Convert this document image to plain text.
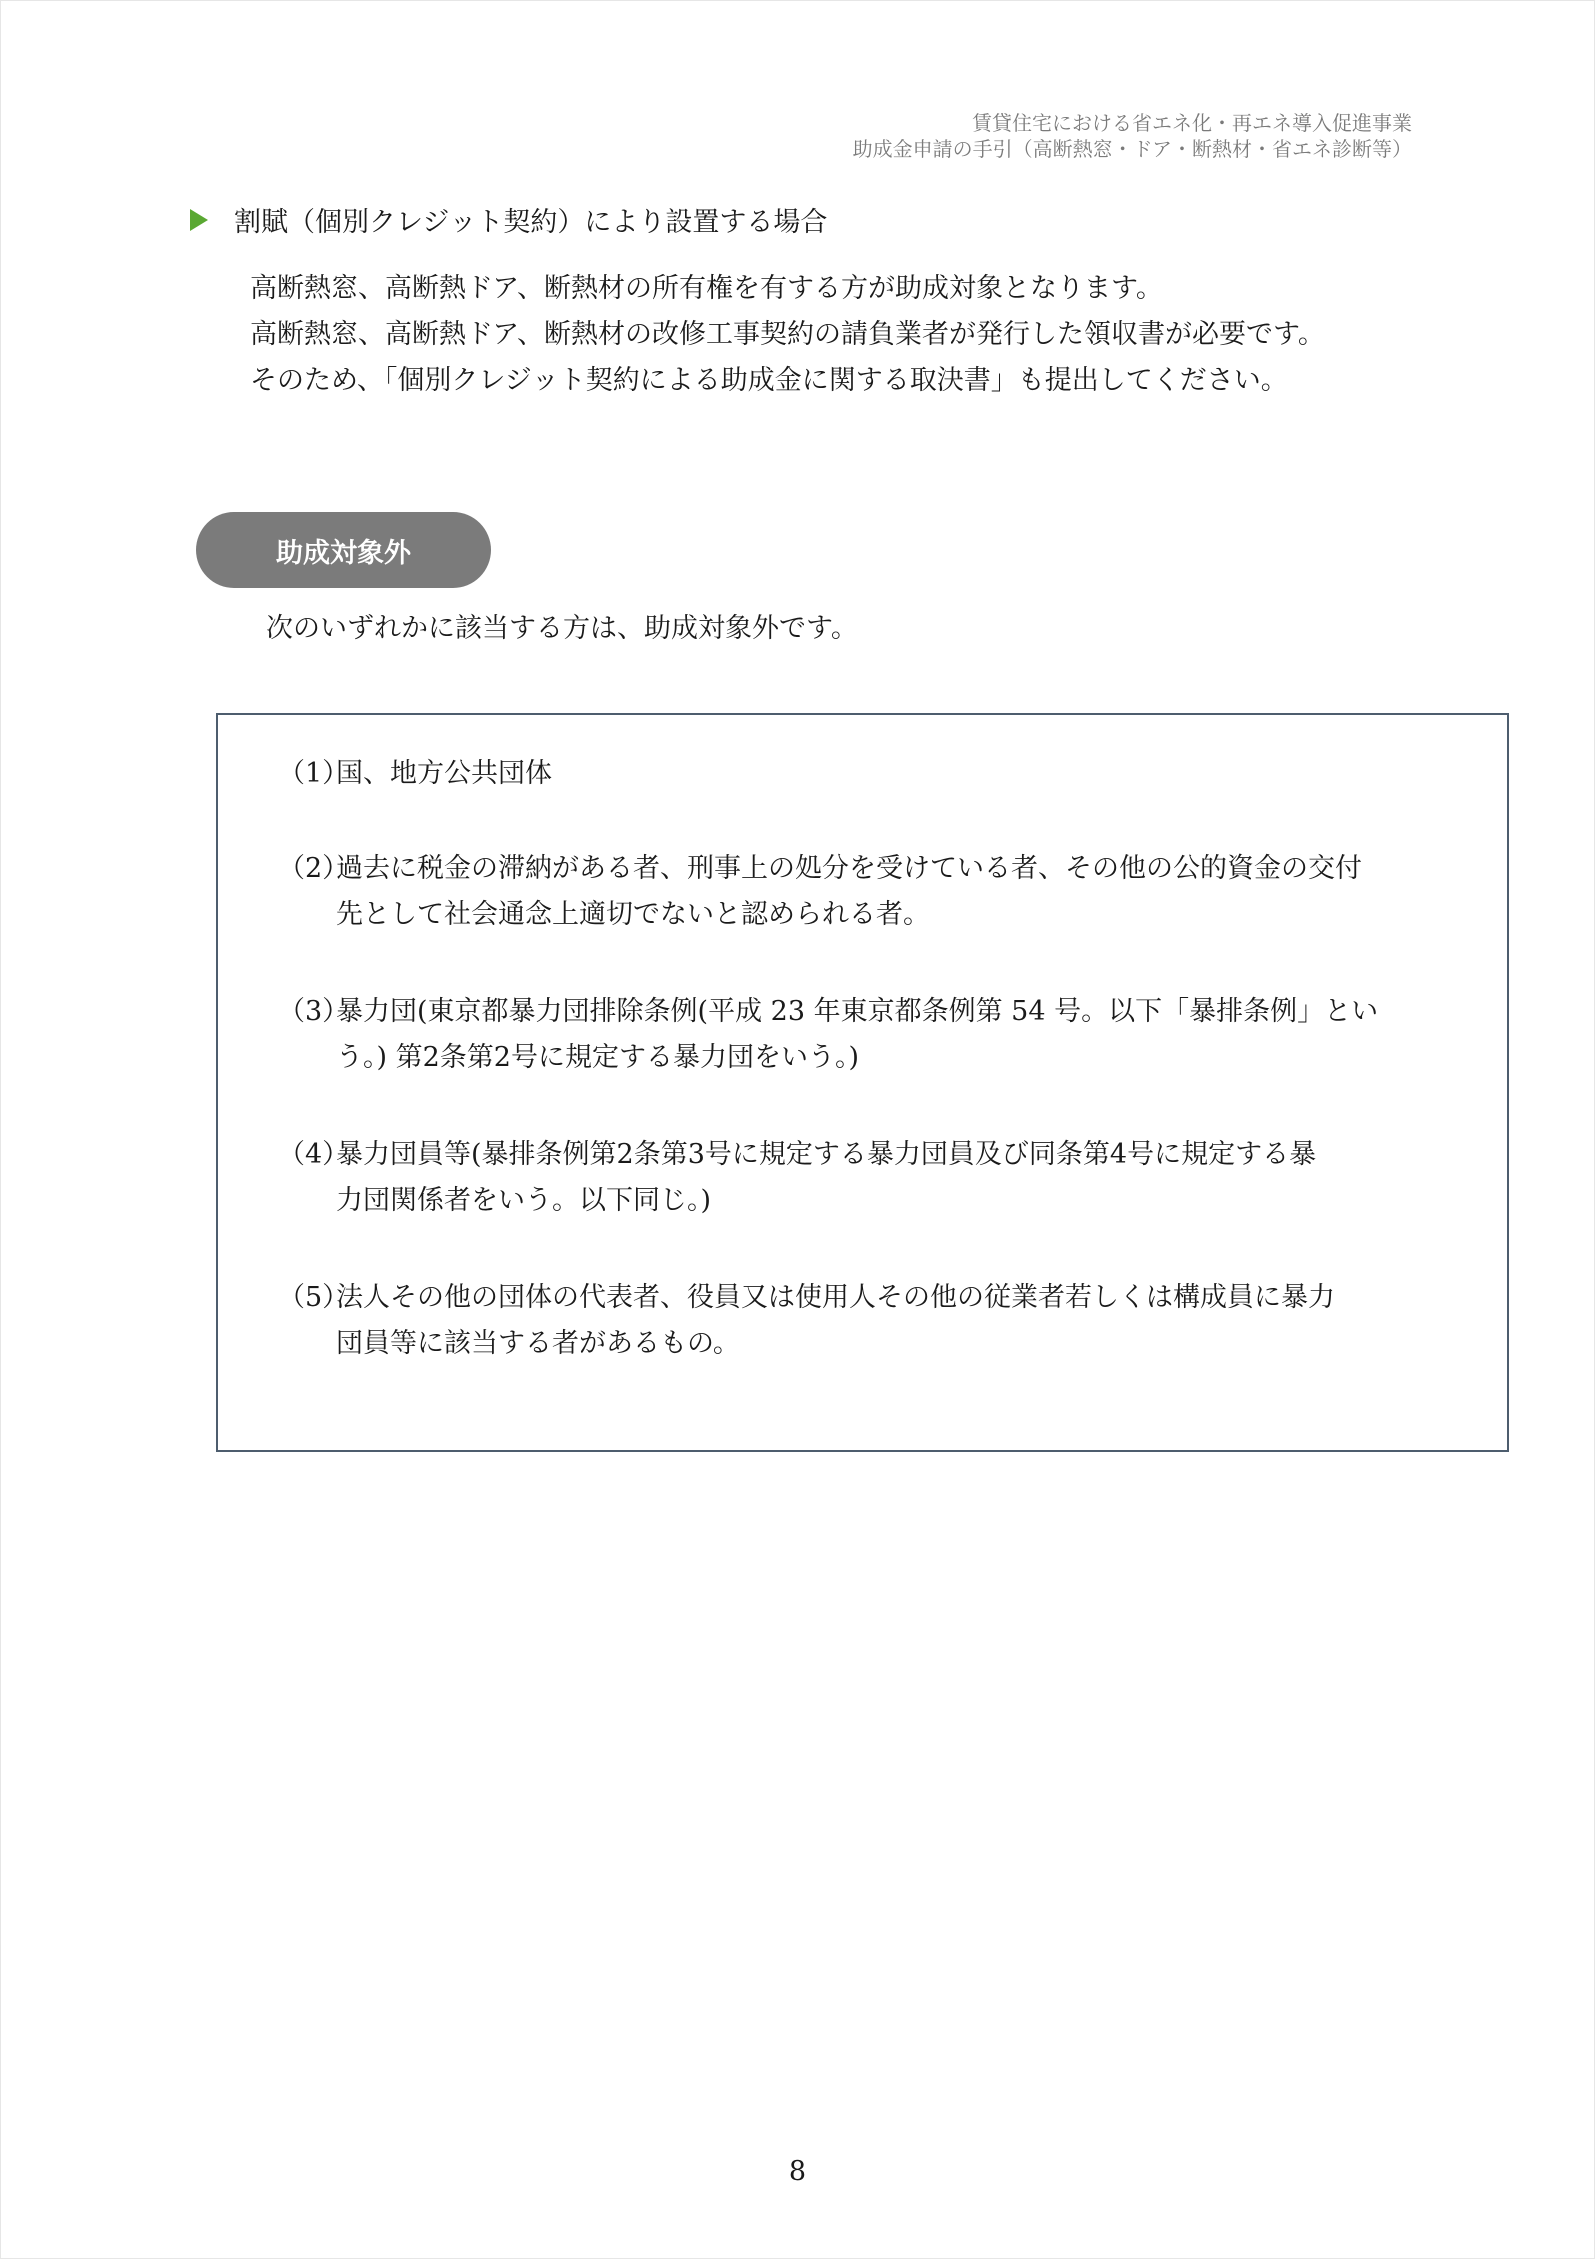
賃貸住宅における省エネ化・再エネ導入促進事業
助成金申請の手引（高断熱窓・ドア・断熱材・省エネ診断等）
割賦（個別クレジット契約）により設置する場合
高断熱窓、高断熱ドア、断熱材の所有権を有する方が助成対象となります。
高断熱窓、高断熱ドア、断熱材の改修工事契約の請負業者が発行した領収書が必要です。
そのため、「個別クレジット契約による助成金に関する取決書」も提出してください。
助成対象外
次のいずれかに該当する方は、助成対象外です。
（1）
国、地方公共団体
（2）
過去に税金の滞納がある者、刑事上の処分を受けている者、その他の公的資金の交付
先として社会通念上適切でないと認められる者。
（3）
暴力団(東京都暴力団排除条例(平成 23 年東京都条例第 54 号。以下「暴排条例」とい
う。) 第2条第2号に規定する暴力団をいう。)
（4）
暴力団員等(暴排条例第2条第3号に規定する暴力団員及び同条第4号に規定する暴
力団関係者をいう。以下同じ。)
（5）
法人その他の団体の代表者、役員又は使用人その他の従業者若しくは構成員に暴力
団員等に該当する者があるもの。
8
